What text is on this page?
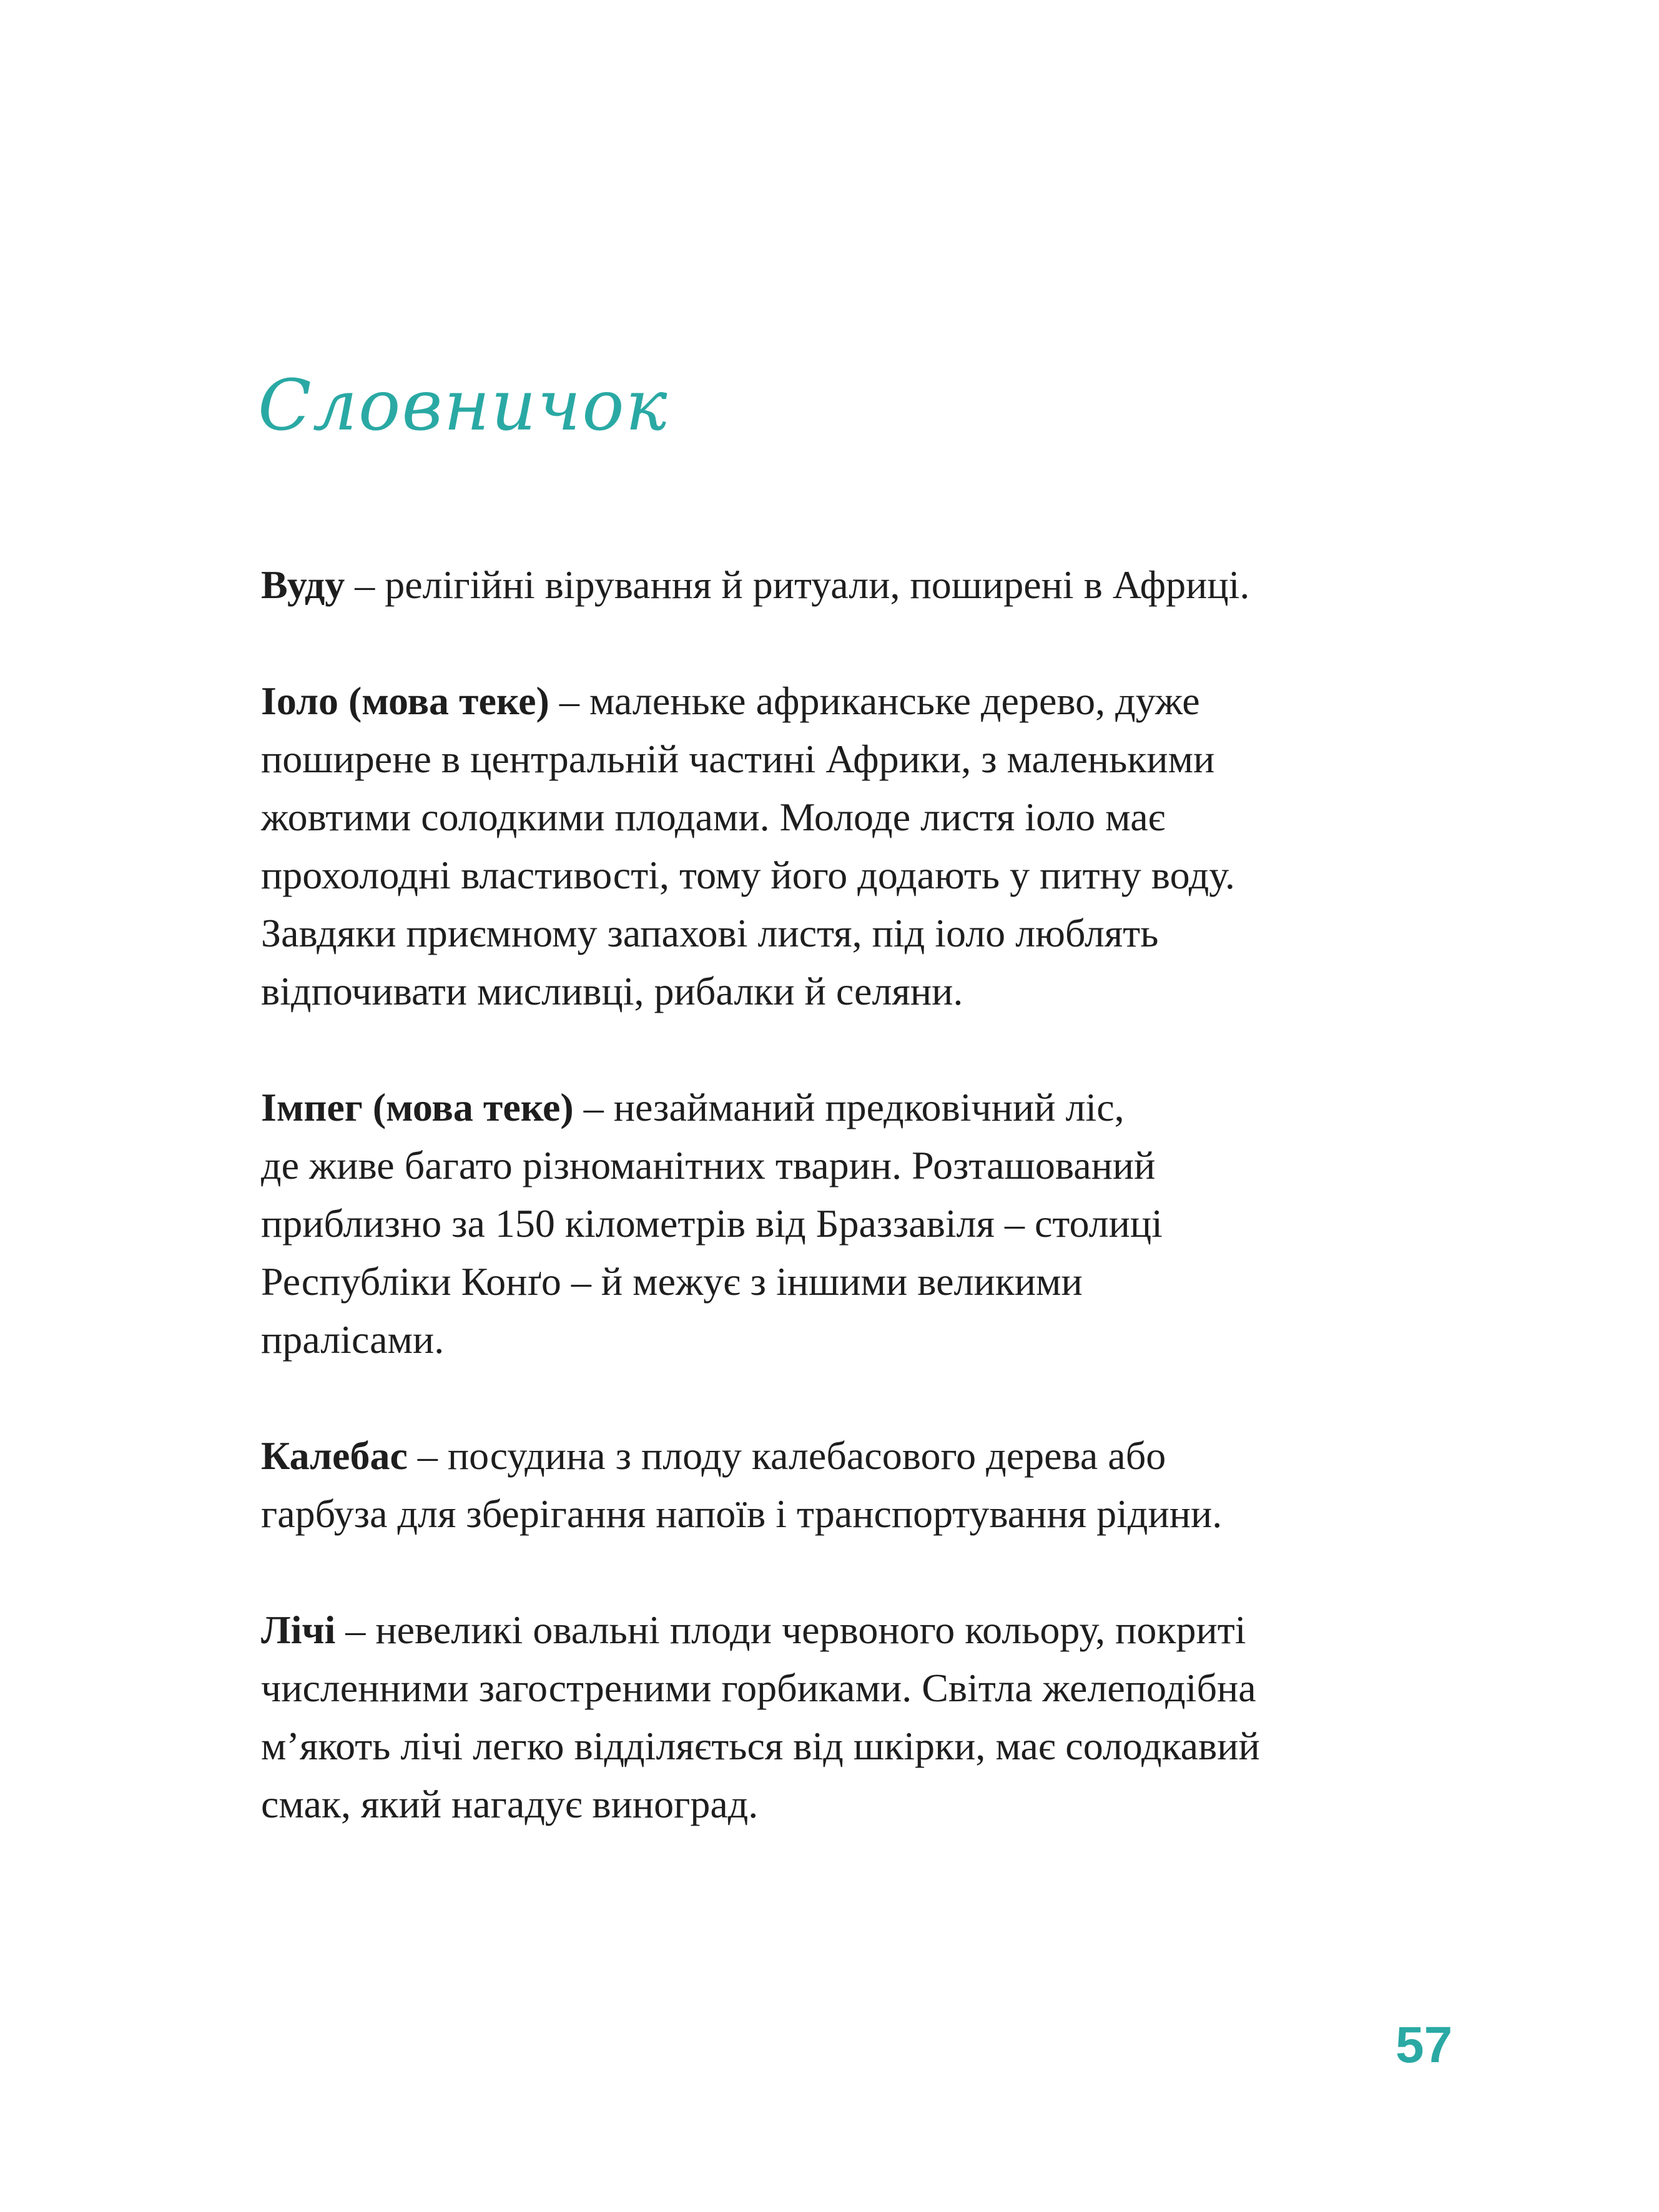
Словничок

Вуду – релігійні вірування й ритуали, поширені в Африці.

Іоло (мова теке) – маленьке африканське дерево, дуже
поширене в центральній частині Африки, з маленькими
жовтими солодкими плодами. Молоде листя іоло має
прохолодні властивості, тому його додають у питну воду.
Завдяки приємному запахові листя, під іоло люблять
відпочивати мисливці, рибалки й селяни.

Імпег (мова теке) – незайманий предковічний ліс,
де живе багато різноманітних тварин. Розташований
приблизно за 150 кілометрів від Браззавіля – столиці
Республіки Конґо – й межує з іншими великими
пралісами.

Калебас – посудина з плоду калебасового дерева або
гарбуза для зберігання напоїв і транспортування рідини.

Лічі – невеликі овальні плоди червоного кольору, покриті
численними загостреними горбиками. Світла желеподібна
м’якоть лічі легко відділяється від шкірки, має солодкавий
смак, який нагадує виноград.

57
